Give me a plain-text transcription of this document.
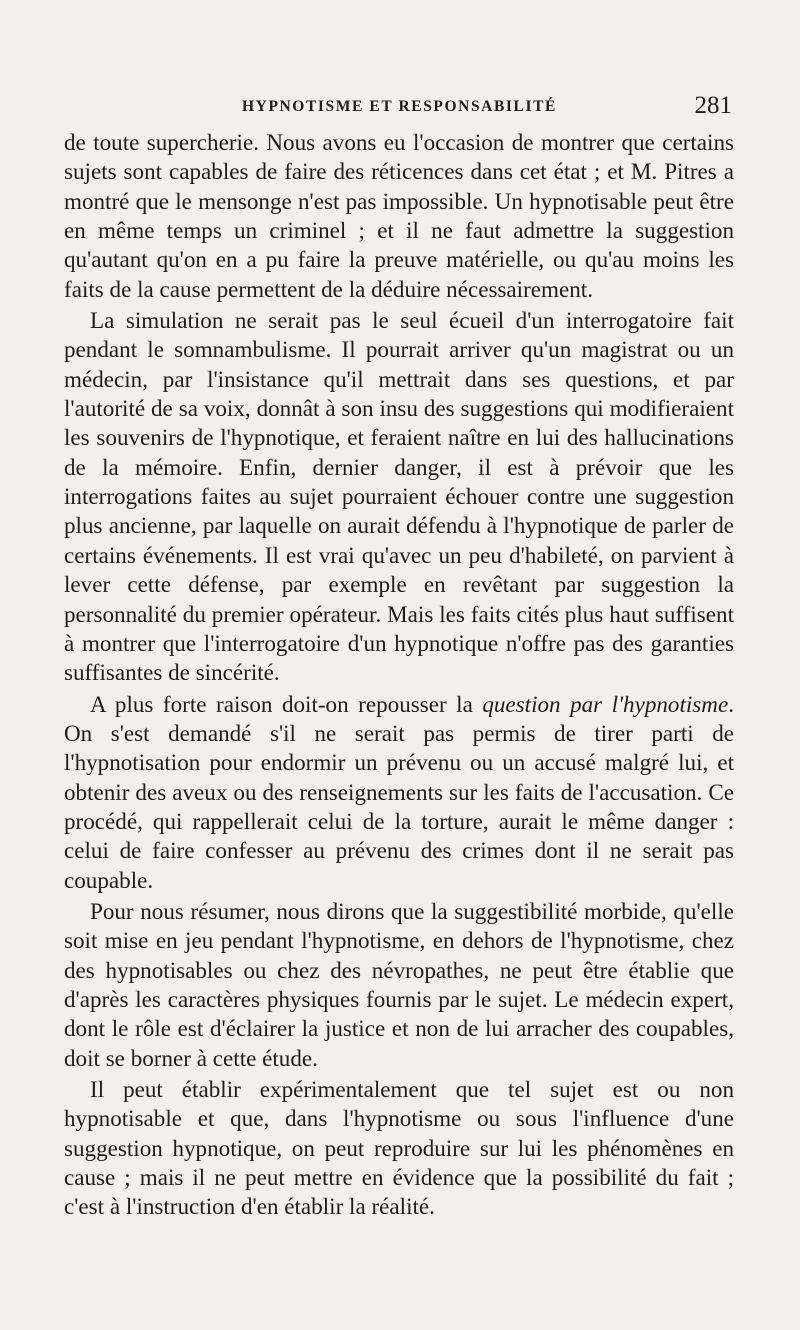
HYPNOTISME ET RESPONSABILITÉ	281

de toute supercherie. Nous avons eu l'occasion de montrer que certains sujets sont capables de faire des réticences dans cet état ; et M. Pitres a montré que le mensonge n'est pas impossible. Un hypnotisable peut être en même temps un criminel ; et il ne faut admettre la suggestion qu'autant qu'on en a pu faire la preuve matérielle, ou qu'au moins les faits de la cause permettent de la déduire nécessairement.

La simulation ne serait pas le seul écueil d'un interrogatoire fait pendant le somnambulisme. Il pourrait arriver qu'un magistrat ou un médecin, par l'insistance qu'il mettrait dans ses questions, et par l'autorité de sa voix, donnât à son insu des suggestions qui modifieraient les souvenirs de l'hypnotique, et feraient naître en lui des hallucinations de la mémoire. Enfin, dernier danger, il est à prévoir que les interrogations faites au sujet pourraient échouer contre une suggestion plus ancienne, par laquelle on aurait défendu à l'hypnotique de parler de certains événements. Il est vrai qu'avec un peu d'habileté, on parvient à lever cette défense, par exemple en revêtant par suggestion la personnalité du premier opérateur. Mais les faits cités plus haut suffisent à montrer que l'interrogatoire d'un hypnotique n'offre pas des garanties suffisantes de sincérité.

A plus forte raison doit-on repousser la question par l'hypnotisme. On s'est demandé s'il ne serait pas permis de tirer parti de l'hypnotisation pour endormir un prévenu ou un accusé malgré lui, et obtenir des aveux ou des renseignements sur les faits de l'accusation. Ce procédé, qui rappellerait celui de la torture, aurait le même danger : celui de faire confesser au prévenu des crimes dont il ne serait pas coupable.

Pour nous résumer, nous dirons que la suggestibilité morbide, qu'elle soit mise en jeu pendant l'hypnotisme, en dehors de l'hypnotisme, chez des hypnotisables ou chez des névropathes, ne peut être établie que d'après les caractères physiques fournis par le sujet. Le médecin expert, dont le rôle est d'éclairer la justice et non de lui arracher des coupables, doit se borner à cette étude.

Il peut établir expérimentalement que tel sujet est ou non hypnotisable et que, dans l'hypnotisme ou sous l'influence d'une suggestion hypnotique, on peut reproduire sur lui les phénomènes en cause ; mais il ne peut mettre en évidence que la possibilité du fait ; c'est à l'instruction d'en établir la réalité.
